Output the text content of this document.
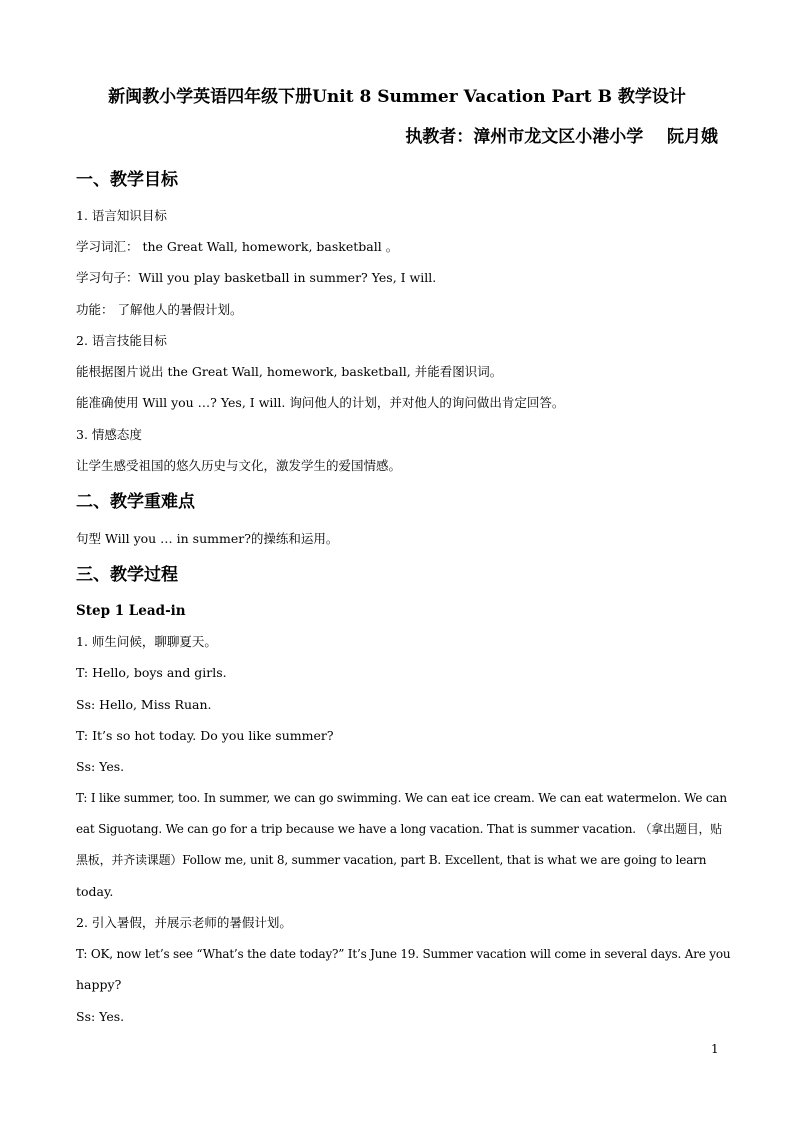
新闽教小学英语四年级下册Unit 8 Summer Vacation Part B 教学设计
执教者：漳州市龙文区小港小学    阮月娥
一、教学目标
1. 语言知识目标
学习词汇： the Great Wall, homework, basketball 。
学习句子：Will you play basketball in summer? Yes, I will.
功能： 了解他人的暑假计划。
2. 语言技能目标
能根据图片说出 the Great Wall, homework, basketball, 并能看图识词。
能准确使用 Will you …? Yes, I will. 询问他人的计划，并对他人的询问做出肯定回答。
3. 情感态度
让学生感受祖国的悠久历史与文化，激发学生的爱国情感。
二、教学重难点
句型 Will you … in summer?的操练和运用。
三、教学过程
Step 1 Lead-in
1. 师生问候，聊聊夏天。
T: Hello, boys and girls.
Ss: Hello, Miss Ruan.
T: It’s so hot today. Do you like summer?
Ss: Yes.
T: I like summer, too. In summer, we can go swimming. We can eat ice cream. We can eat watermelon. We can
eat Siguotang. We can go for a trip because we have a long vacation. That is summer vacation. （拿出题目，贴
黑板，并齐读课题）Follow me, unit 8, summer vacation, part B. Excellent, that is what we are going to learn
today.
2. 引入暑假，并展示老师的暑假计划。
T: OK, now let’s see “What’s the date today?” It’s June 19. Summer vacation will come in several days. Are you
happy?
Ss: Yes.
1
